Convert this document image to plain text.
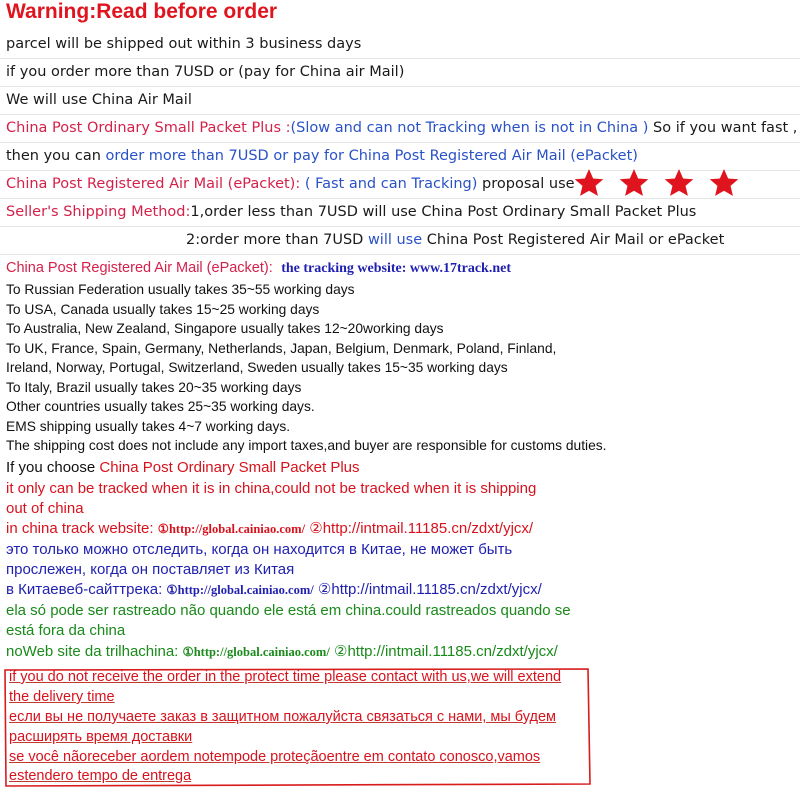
Warning:Read before order
parcel will be shipped out within 3 business days
if you order more than 7USD or (pay for China air Mail)
We will use China Air Mail
China Post Ordinary Small Packet Plus :(Slow and can not Tracking when is not in China ) So if you want fast ,
then you can order more than 7USD or pay for China Post Registered Air Mail (ePacket)
China Post Registered Air Mail (ePacket): ( Fast and can Tracking) proposal use
Seller's Shipping Method:1,order less than 7USD will use China Post Ordinary Small Packet Plus
2:order more than 7USD will use China Post Registered Air Mail or ePacket
China Post Registered Air Mail (ePacket): the tracking website: www.17track.net
To Russian Federation usually takes 35~55 working days
To USA, Canada usually takes 15~25 working days
To Australia, New Zealand, Singapore usually takes 12~20working days
To UK, France, Spain, Germany, Netherlands, Japan, Belgium, Denmark, Poland, Finland,
Ireland, Norway, Portugal, Switzerland, Sweden usually takes 15~35 working days
To Italy, Brazil usually takes 20~35 working days
Other countries usually takes 25~35 working days.
EMS shipping usually takes 4~7 working days.
The shipping cost does not include any import taxes,and buyer are responsible for customs duties.
If you choose China Post Ordinary Small Packet Plus
it only can be tracked when it is in china,could not be tracked when it is shipping
out of china
in china track website: ①http://global.cainiao.com/ ②http://intmail.11185.cn/zdxt/yjcx/
это только можно отследить, когда он находится в Китае, не может быть
прослежен, когда он поставляет из Китая
в Китаевеб-сайттрека: ①http://global.cainiao.com/ ②http://intmail.11185.cn/zdxt/yjcx/
ela só pode ser rastreado não quando ele está em china.could rastreados quando se
está fora da china
noWeb site da trilhachina: ①http://global.cainiao.com/ ②http://intmail.11185.cn/zdxt/yjcx/
if you do not receive the order in the protect time please contact with us,we will extend
the delivery time
если вы не получаете заказ в защитном пожалуйста связаться с нами, мы будем
расширять время доставки
se você nãoreceber aordem notempode proteçãoentre em contato conosco,vamos
estendero tempo de entrega
